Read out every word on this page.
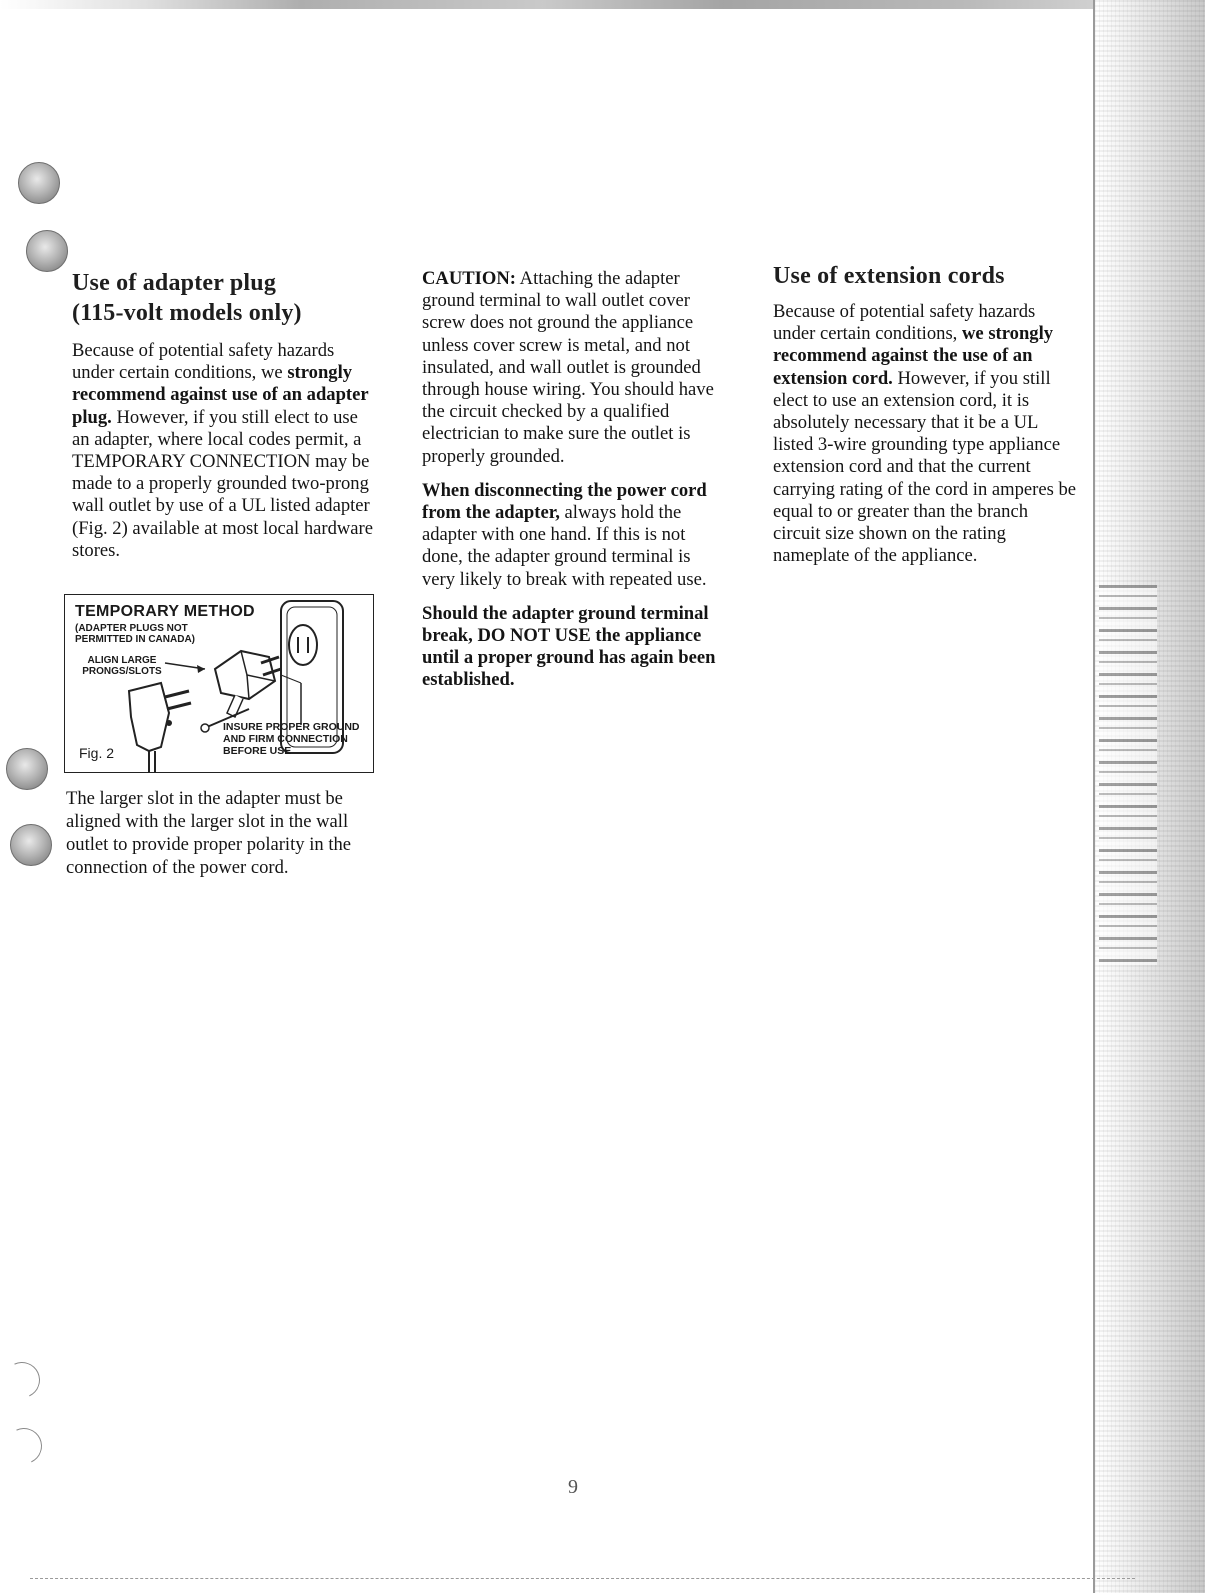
Use of adapter plug
(115-volt models only)

Because of potential safety hazards under certain conditions, we strongly recommend against use of an adapter plug. However, if you still elect to use an adapter, where local codes permit, a TEMPORARY CONNECTION may be made to a properly grounded two-prong wall outlet by use of a UL listed adapter (Fig. 2) available at most local hardware stores.

TEMPORARY METHOD
(ADAPTER PLUGS NOT PERMITTED IN CANADA)
ALIGN LARGE PRONGS/SLOTS
INSURE PROPER GROUND AND FIRM CONNECTION BEFORE USE
Fig. 2

The larger slot in the adapter must be aligned with the larger slot in the wall outlet to provide proper polarity in the connection of the power cord.

CAUTION: Attaching the adapter ground terminal to wall outlet cover screw does not ground the appliance unless cover screw is metal, and not insulated, and wall outlet is grounded through house wiring. You should have the circuit checked by a qualified electrician to make sure the outlet is properly grounded.

When disconnecting the power cord from the adapter, always hold the adapter with one hand. If this is not done, the adapter ground terminal is very likely to break with repeated use.

Should the adapter ground terminal break, DO NOT USE the appliance until a proper ground has again been established.

Use of extension cords

Because of potential safety hazards under certain conditions, we strongly recommend against the use of an extension cord. However, if you still elect to use an extension cord, it is absolutely necessary that it be a UL listed 3-wire grounding type appliance extension cord and that the current carrying rating of the cord in amperes be equal to or greater than the branch circuit size shown on the rating nameplate of the appliance.

9
